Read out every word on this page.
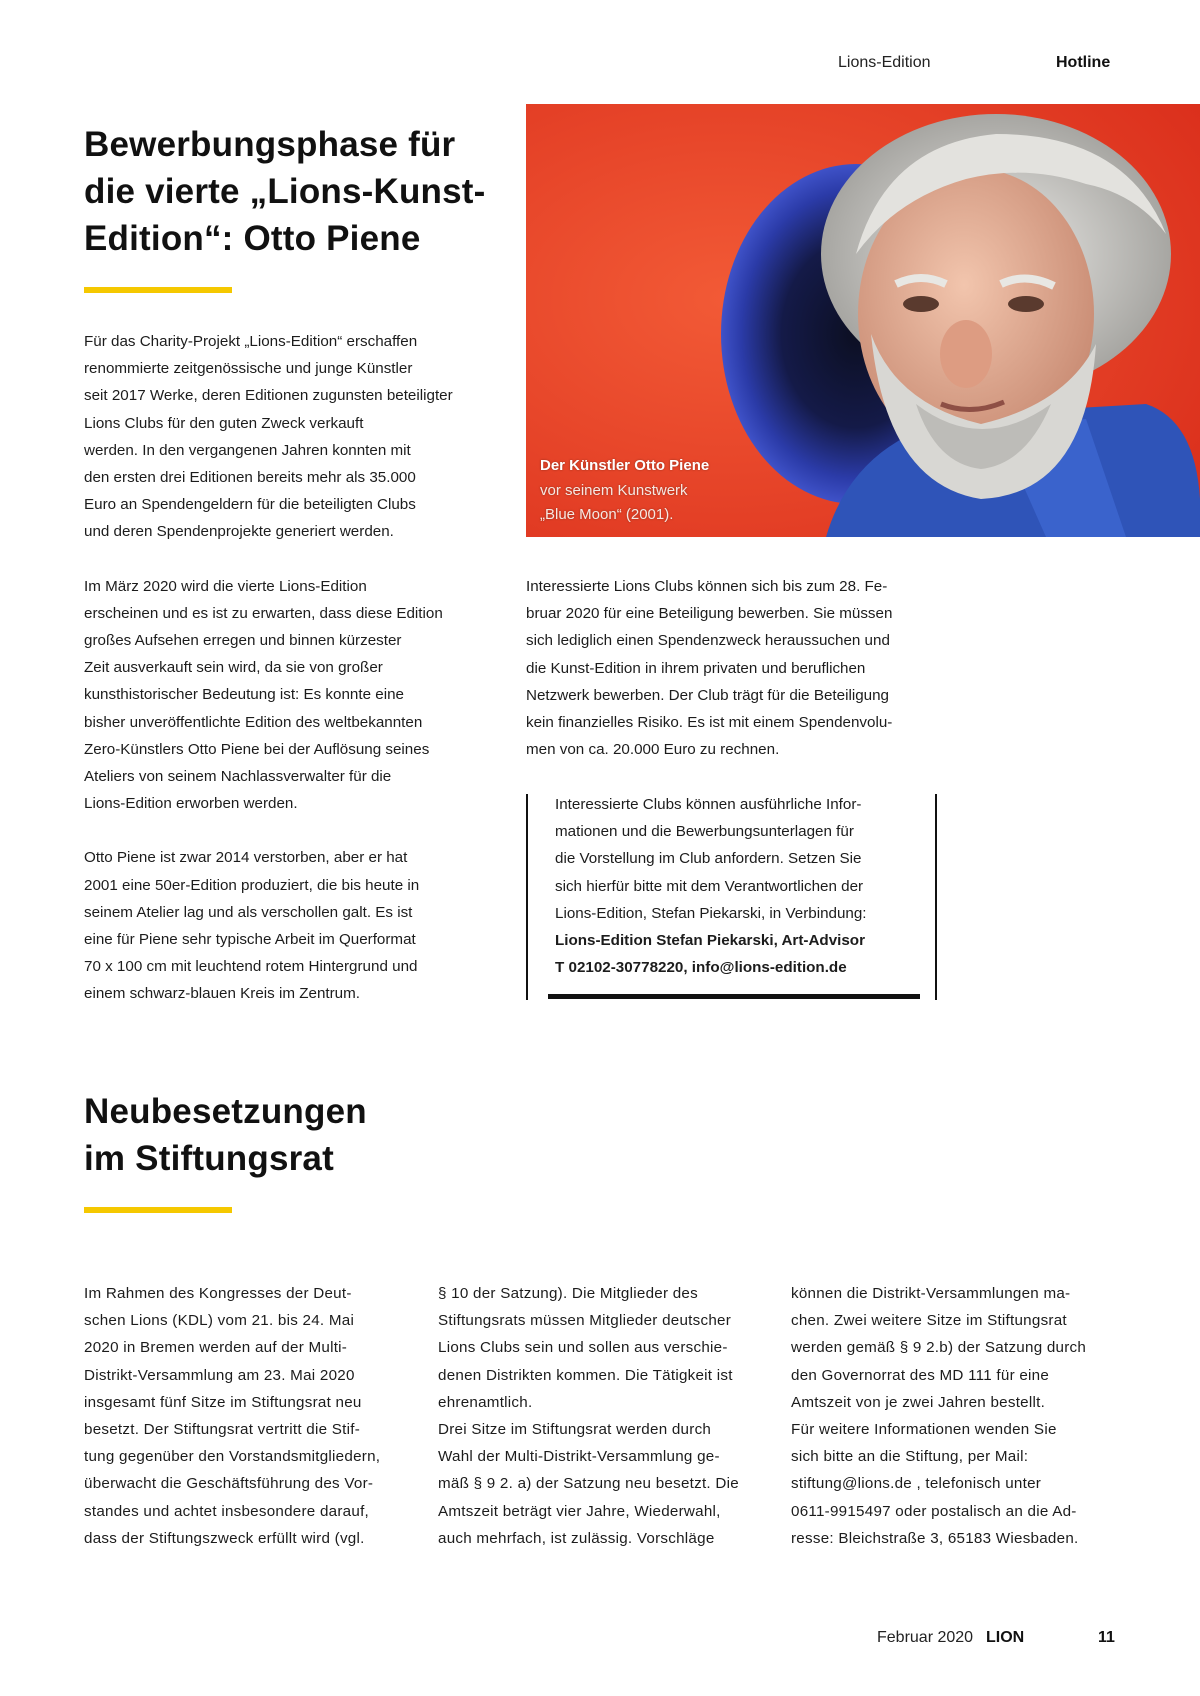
Lions-Edition	Hotline
Bewerbungsphase für
die vierte „Lions-Kunst-
Edition“: Otto Piene

Für das Charity-Projekt „Lions-Edition“ erschaffen
renommierte zeitgenössische und junge Künstler
seit 2017 Werke, deren Editionen zugunsten beteiligter
Lions Clubs für den guten Zweck verkauft
werden. In den vergangenen Jahren konnten mit
den ersten drei Editionen bereits mehr als 35.000
Euro an Spendengeldern für die beteiligten Clubs
und deren Spendenprojekte generiert werden.

Im März 2020 wird die vierte Lions-Edition
erscheinen und es ist zu erwarten, dass diese Edition
großes Aufsehen erregen und binnen kürzester
Zeit ausverkauft sein wird, da sie von großer
kunsthistorischer Bedeutung ist: Es konnte eine
bisher unveröffentlichte Edition des weltbekannten
Zero-Künstlers Otto Piene bei der Auflösung seines
Ateliers von seinem Nachlassverwalter für die
Lions-Edition erworben werden.

Otto Piene ist zwar 2014 verstorben, aber er hat
2001 eine 50er-Edition produziert, die bis heute in
seinem Atelier lag und als verschollen galt. Es ist
eine für Piene sehr typische Arbeit im Querformat
70 x 100 cm mit leuchtend rotem Hintergrund und
einem schwarz-blauen Kreis im Zentrum.

Der Künstler Otto Piene
vor seinem Kunstwerk
„Blue Moon“ (2001).

Interessierte Lions Clubs können sich bis zum 28. Fe-
bruar 2020 für eine Beteiligung bewerben. Sie müssen
sich lediglich einen Spendenzweck heraussuchen und
die Kunst-Edition in ihrem privaten und beruflichen
Netzwerk bewerben. Der Club trägt für die Beteiligung
kein finanzielles Risiko. Es ist mit einem Spendenvolu-
men von ca. 20.000 Euro zu rechnen.

Interessierte Clubs können ausführliche Infor-
mationen und die Bewerbungsunterlagen für
die Vorstellung im Club anfordern. Setzen Sie
sich hierfür bitte mit dem Verantwortlichen der
Lions-Edition, Stefan Piekarski, in Verbindung:
Lions-Edition Stefan Piekarski, Art-Advisor
T 02102-30778220, info@lions-edition.de
Neubesetzungen
im Stiftungsrat
Im Rahmen des Kongresses der Deut-
schen Lions (KDL) vom 21. bis 24. Mai
2020 in Bremen werden auf der Multi-
Distrikt-Versammlung am 23. Mai 2020
insgesamt fünf Sitze im Stiftungsrat neu
besetzt. Der Stiftungsrat vertritt die Stif-
tung gegenüber den Vorstandsmitgliedern,
überwacht die Geschäftsführung des Vor-
standes und achtet insbesondere darauf,
dass der Stiftungszweck erfüllt wird (vgl.
§ 10 der Satzung). Die Mitglieder des
Stiftungsrats müssen Mitglieder deutscher
Lions Clubs sein und sollen aus verschie-
denen Distrikten kommen. Die Tätigkeit ist
ehrenamtlich.
Drei Sitze im Stiftungsrat werden durch
Wahl der Multi-Distrikt-Versammlung ge-
mäß § 9 2. a) der Satzung neu besetzt. Die
Amtszeit beträgt vier Jahre, Wiederwahl,
auch mehrfach, ist zulässig. Vorschläge
können die Distrikt-Versammlungen ma-
chen. Zwei weitere Sitze im Stiftungsrat
werden gemäß § 9 2.b) der Satzung durch
den Governorrat des MD 111 für eine
Amtszeit von je zwei Jahren bestellt.
Für weitere Informationen wenden Sie
sich bitte an die Stiftung, per Mail:
stiftung@lions.de , telefonisch unter
0611-9915497 oder postalisch an die Ad-
resse: Bleichstraße 3, 65183 Wiesbaden.
Februar 2020 LION	11
